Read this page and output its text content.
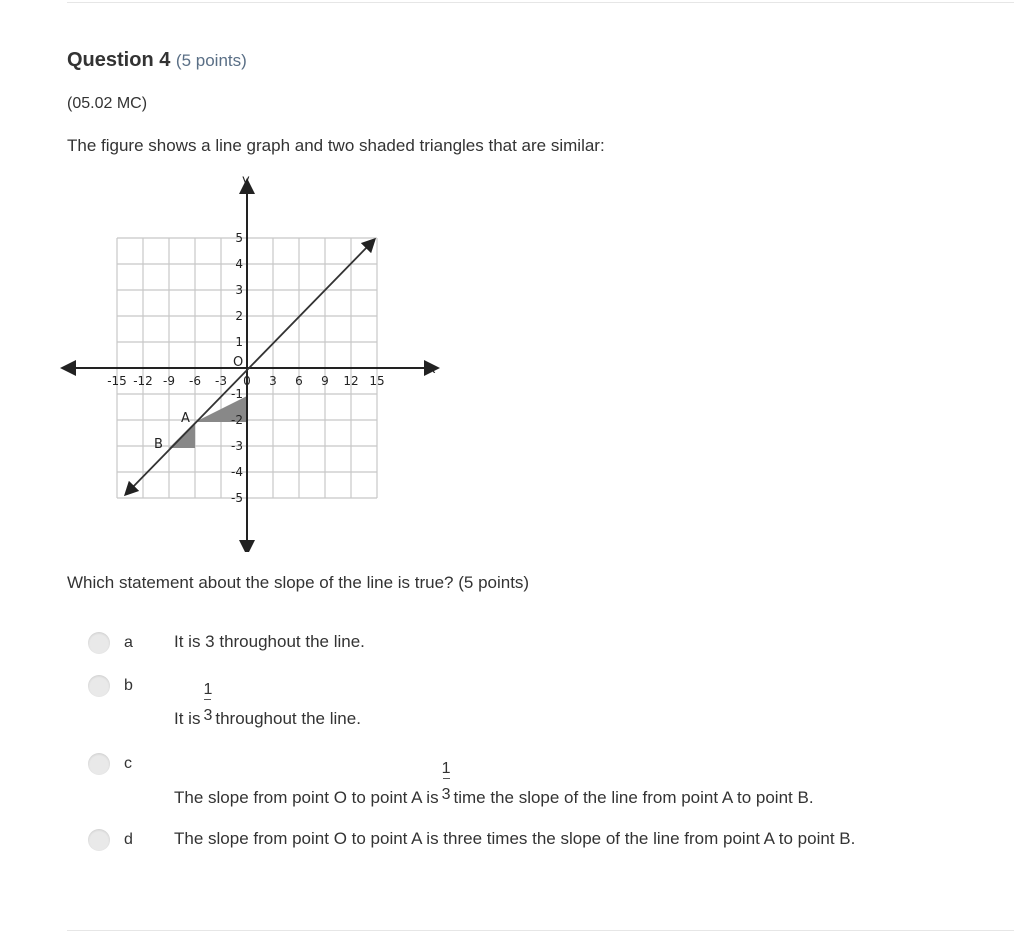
Question 4 (5 points)
(05.02 MC)
The figure shows a line graph and two shaded triangles that are similar:
-15 -12 -9 -6 -3 0 3 6 9 12 15
5
4
3
2
1
-1
-2
-3
-4
-5
y
x
O
A
B
Which statement about the slope of the line is true? (5 points)
a It is 3 throughout the line.
b
It is $\frac{1}{3}$ throughout the line.
c
The slope from point O to point A is $\frac{1}{3}$ time the slope of the line from point A to point B.
d The slope from point O to point A is three times the slope of the line from point A to point B.
